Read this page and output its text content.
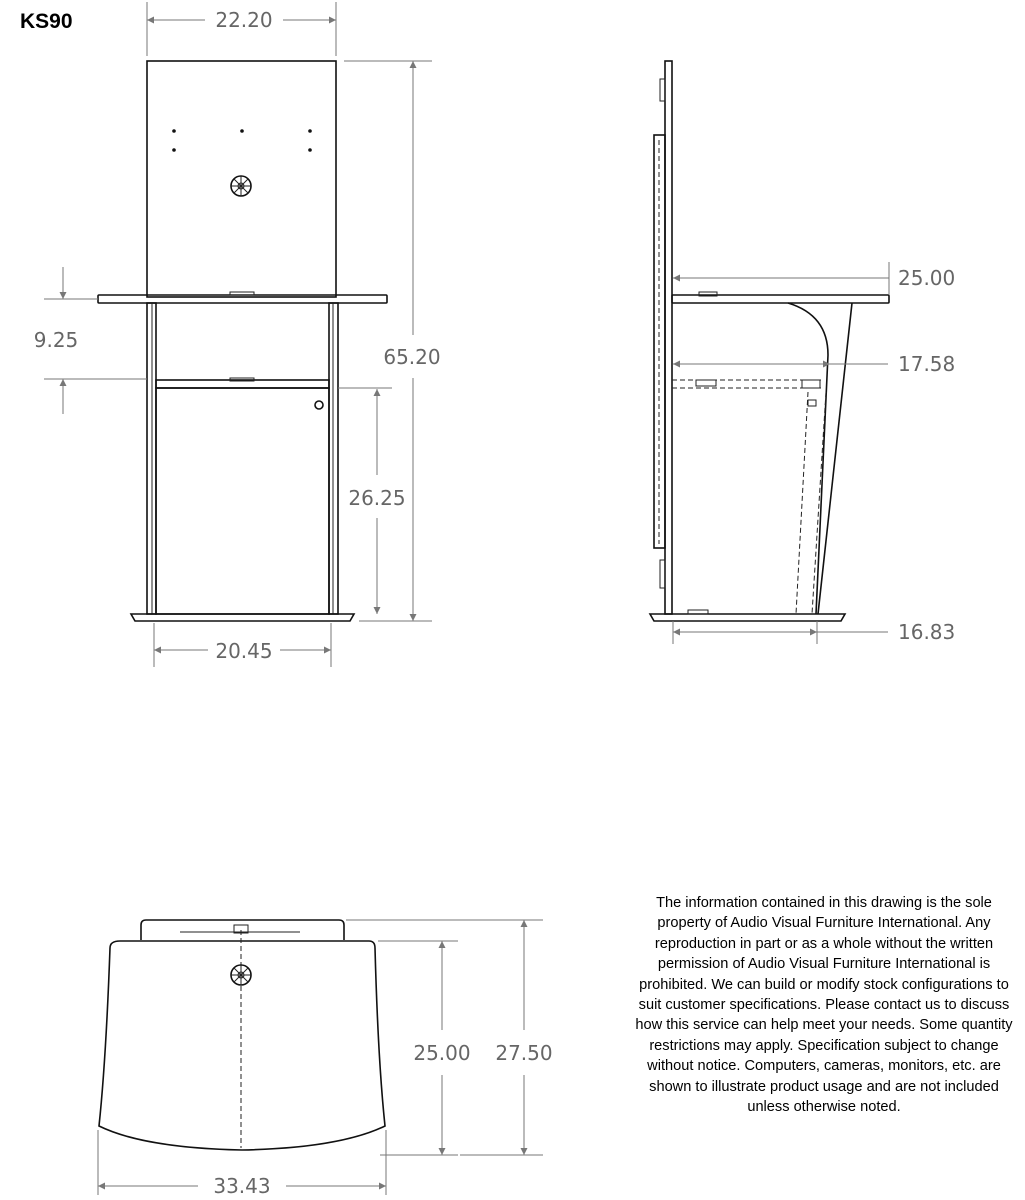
KS90	22.20
9.25
65.20
26.25
20.45
25.00
17.58
16.83
25.00 27.50
33.43
The information contained in this drawing is the sole property of Audio Visual Furniture International. Any reproduction in part or as a whole without the written permission of Audio Visual Furniture International is prohibited. We can build or modify stock configurations to suit customer specifications. Please contact us to discuss how this service can help meet your needs. Some quantity restrictions may apply. Specification subject to change without notice. Computers, cameras, monitors, etc. are shown to illustrate product usage and are not included unless otherwise noted.
